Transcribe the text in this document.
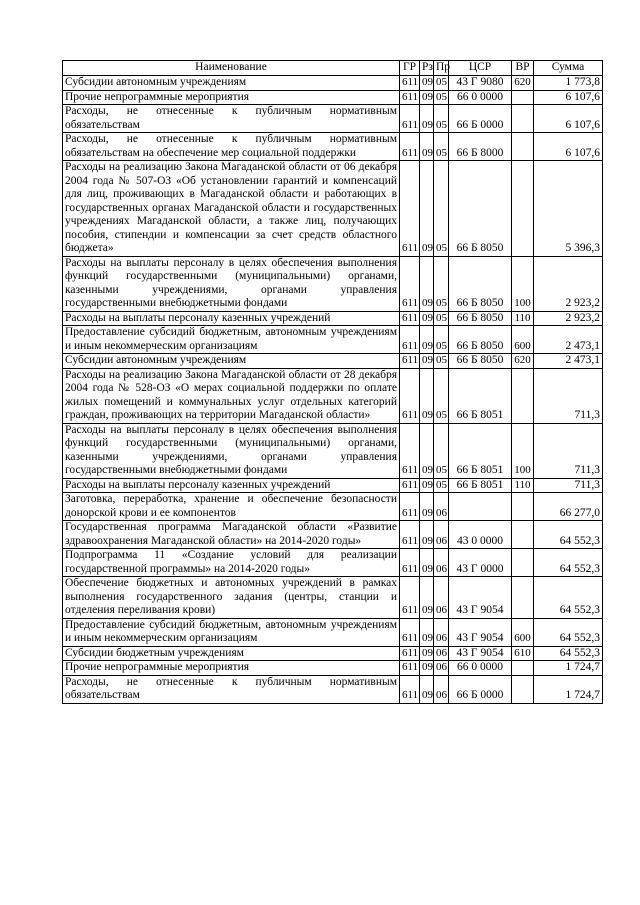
Наименование	ГР	Рз	Пр	ЦСР	ВР	Сумма
Субсидии автономным учреждениям	611	09	05	43 Г 9080	620	1 773,8
Прочие непрограммные мероприятия	611	09	05	66 0 0000		6 107,6
Расходы, не отнесенные к публичным нормативным обязательствам	611	09	05	66 Б 0000		6 107,6
Расходы, не отнесенные к публичным нормативным обязательствам на обеспечение мер социальной поддержки	611	09	05	66 Б 8000		6 107,6
Расходы на реализацию Закона Магаданской области от 06 декабря 2004 года № 507-ОЗ «Об установлении гарантий и компенсаций для лиц, проживающих в Магаданской области и работающих в государственных органах Магаданской области и государственных учреждениях Магаданской области, а также лиц, получающих пособия, стипендии и компенсации за счет средств областного бюджета»	611	09	05	66 Б 8050		5 396,3
Расходы на выплаты персоналу в целях обеспечения выполнения функций государственными (муниципальными) органами, казенными учреждениями, органами управления государственными внебюджетными фондами	611	09	05	66 Б 8050	100	2 923,2
Расходы на выплаты персоналу казенных учреждений	611	09	05	66 Б 8050	110	2 923,2
Предоставление субсидий бюджетным, автономным учреждениям и иным некоммерческим организациям	611	09	05	66 Б 8050	600	2 473,1
Субсидии автономным учреждениям	611	09	05	66 Б 8050	620	2 473,1
Расходы на реализацию Закона Магаданской области от 28 декабря 2004 года № 528-ОЗ «О мерах социальной поддержки по оплате жилых помещений и коммунальных услуг отдельных категорий граждан, проживающих на территории Магаданской области»	611	09	05	66 Б 8051		711,3
Расходы на выплаты персоналу в целях обеспечения выполнения функций государственными (муниципальными) органами, казенными учреждениями, органами управления государственными внебюджетными фондами	611	09	05	66 Б 8051	100	711,3
Расходы на выплаты персоналу казенных учреждений	611	09	05	66 Б 8051	110	711,3
Заготовка, переработка, хранение и обеспечение безопасности донорской крови и ее компонентов	611	09	06			66 277,0
Государственная программа Магаданской области «Развитие здравоохранения Магаданской области» на 2014-2020 годы»	611	09	06	43 0 0000		64 552,3
Подпрограмма 11 «Создание условий для реализации государственной программы» на 2014-2020 годы»	611	09	06	43 Г 0000		64 552,3
Обеспечение бюджетных и автономных учреждений в рамках выполнения государственного задания (центры, станции и отделения переливания крови)	611	09	06	43 Г 9054		64 552,3
Предоставление субсидий бюджетным, автономным учреждениям и иным некоммерческим организациям	611	09	06	43 Г 9054	600	64 552,3
Субсидии бюджетным учреждениям	611	09	06	43 Г 9054	610	64 552,3
Прочие непрограммные мероприятия	611	09	06	66 0 0000		1 724,7
Расходы, не отнесенные к публичным нормативным обязательствам	611	09	06	66 Б 0000		1 724,7
